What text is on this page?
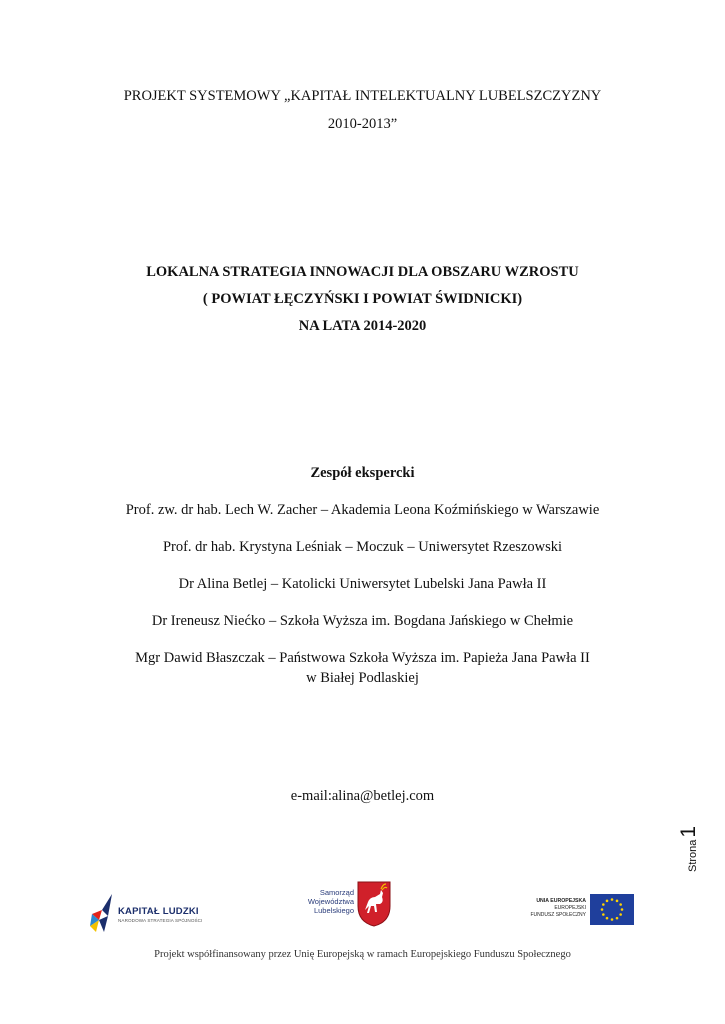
PROJEKT SYSTEMOWY „KAPITAŁ INTELEKTUALNY LUBELSZCZYZNY
2010-2013”
LOKALNA STRATEGIA INNOWACJI DLA OBSZARU WZROSTU
( POWIAT ŁĘCZYŃSKI I POWIAT ŚWIDNICKI)
NA LATA 2014-2020
Zespół ekspercki
Prof. zw. dr hab. Lech W. Zacher – Akademia Leona Koźmińskiego w Warszawie
Prof. dr hab. Krystyna Leśniak – Moczuk – Uniwersytet Rzeszowski
Dr Alina Betlej – Katolicki Uniwersytet Lubelski Jana Pawła II
Dr Ireneusz Niećko – Szkoła Wyższa im. Bogdana Jańskiego w Chełmie
Mgr Dawid Błaszczak – Państwowa Szkoła Wyższa im. Papieża Jana Pawła II
w Białej Podlaskiej
e-mail:alina@betlej.com
Strona
1
KAPITAŁ LUDZKI
NARODOWA STRATEGIA SPÓJNOŚCI
Samorząd
Województwa
Lubelskiego
UNIA EUROPEJSKA
EUROPEJSKI
FUNDUSZ SPOŁECZNY
Projekt współfinansowany przez Unię Europejską w ramach Europejskiego Funduszu Społecznego
